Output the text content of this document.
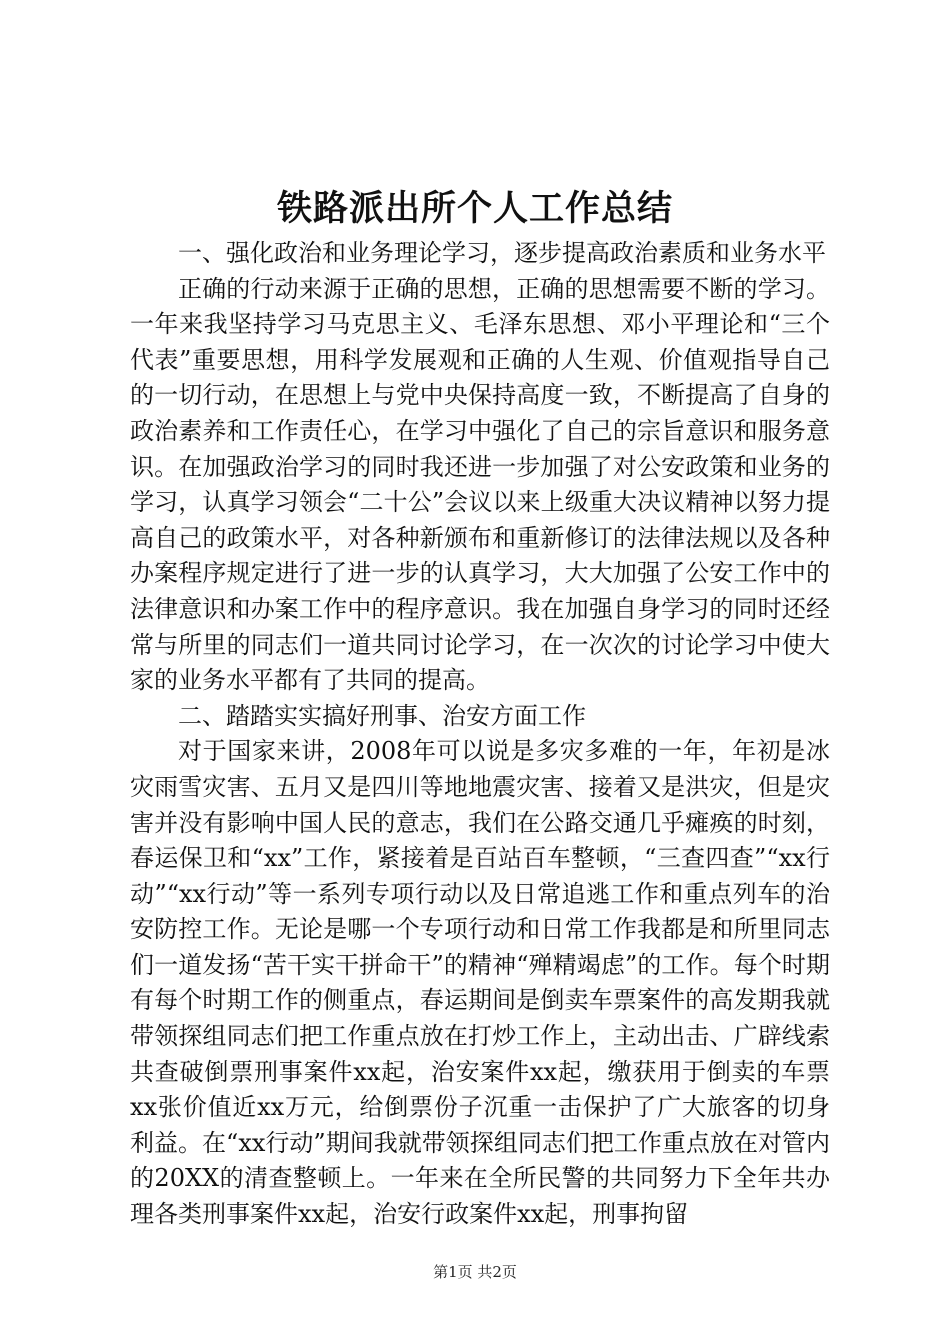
铁路派出所个人工作总结

一、强化政治和业务理论学习，逐步提高政治素质和业务水平

正确的行动来源于正确的思想，正确的思想需要不断的学习。一年来我坚持学习马克思主义、毛泽东思想、邓小平理论和“三个代表”重要思想，用科学发展观和正确的人生观、价值观指导自己的一切行动，在思想上与党中央保持高度一致，不断提高了自身的政治素养和工作责任心，在学习中强化了自己的宗旨意识和服务意识。在加强政治学习的同时我还进一步加强了对公安政策和业务的学习，认真学习领会“二十公”会议以来上级重大决议精神以努力提高自己的政策水平，对各种新颁布和重新修订的法律法规以及各种办案程序规定进行了进一步的认真学习，大大加强了公安工作中的法律意识和办案工作中的程序意识。我在加强自身学习的同时还经常与所里的同志们一道共同讨论学习，在一次次的讨论学习中使大家的业务水平都有了共同的提高。

二、踏踏实实搞好刑事、治安方面工作

对于国家来讲，2008年可以说是多灾多难的一年，年初是冰灾雨雪灾害、五月又是四川等地地震灾害、接着又是洪灾，但是灾害并没有影响中国人民的意志，我们在公路交通几乎瘫痪的时刻，春运保卫和“xx”工作，紧接着是百站百车整顿，“三查四查”“xx行动”“xx行动”等一系列专项行动以及日常追逃工作和重点列车的治安防控工作。无论是哪一个专项行动和日常工作我都是和所里同志们一道发扬“苦干实干拼命干”的精神“殚精竭虑”的工作。每个时期有每个时期工作的侧重点，春运期间是倒卖车票案件的高发期我就带领探组同志们把工作重点放在打炒工作上，主动出击、广辟线索共查破倒票刑事案件xx起，治安案件xx起，缴获用于倒卖的车票xx张价值近xx万元，给倒票份子沉重一击保护了广大旅客的切身利益。在“xx行动”期间我就带领探组同志们把工作重点放在对管内的20XX的清查整顿上。一年来在全所民警的共同努力下全年共办理各类刑事案件xx起，治安行政案件xx起，刑事拘留

第1页 共2页
